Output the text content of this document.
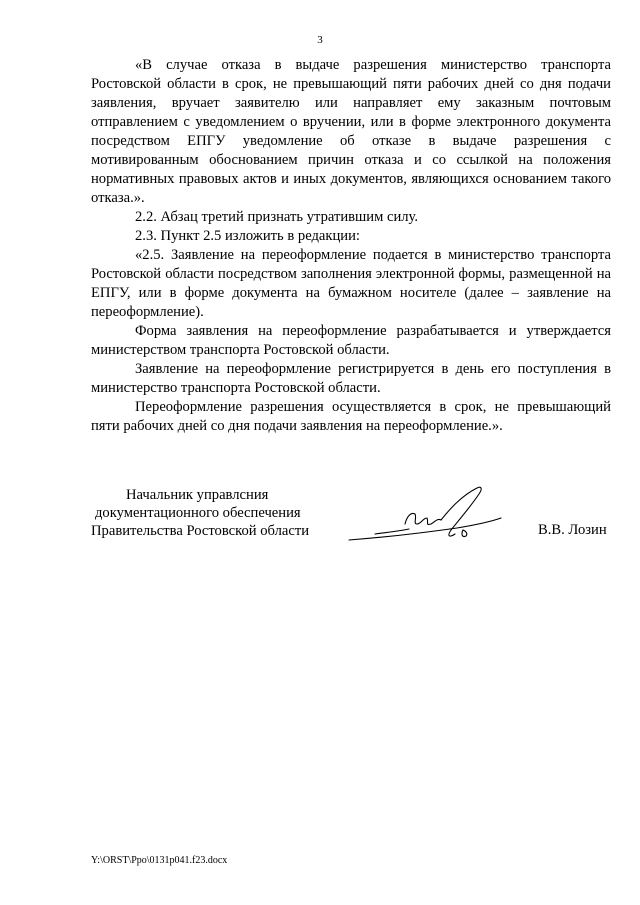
3

«В случае отказа в выдаче разрешения министерство транспорта Ростовской области в срок, не превышающий пяти рабочих дней со дня подачи заявления, вручает заявителю или направляет ему заказным почтовым отправлением с уведомлением о вручении, или в форме электронного документа посредством ЕПГУ уведомление об отказе в выдаче разрешения с мотивированным обоснованием причин отказа и со ссылкой на положения нормативных правовых актов и иных документов, являющихся основанием такого отказа.».

2.2. Абзац третий признать утратившим силу.

2.3. Пункт 2.5 изложить в редакции:

«2.5. Заявление на переоформление подается в министерство транспорта Ростовской области посредством заполнения электронной формы, размещенной на ЕПГУ, или в форме документа на бумажном носителе (далее – заявление на переоформление).

Форма заявления на переоформление разрабатывается и утверждается министерством транспорта Ростовской области.

Заявление на переоформление регистрируется в день его поступления в министерство транспорта Ростовской области.

Переоформление разрешения осуществляется в срок, не превышающий пяти рабочих дней со дня подачи заявления на переоформление.».

Начальник управлсния
документационного обеспечения
Правительства Ростовской области	В.В. Лозин
Y:\ORST\Ppo\0131p041.f23.docx
